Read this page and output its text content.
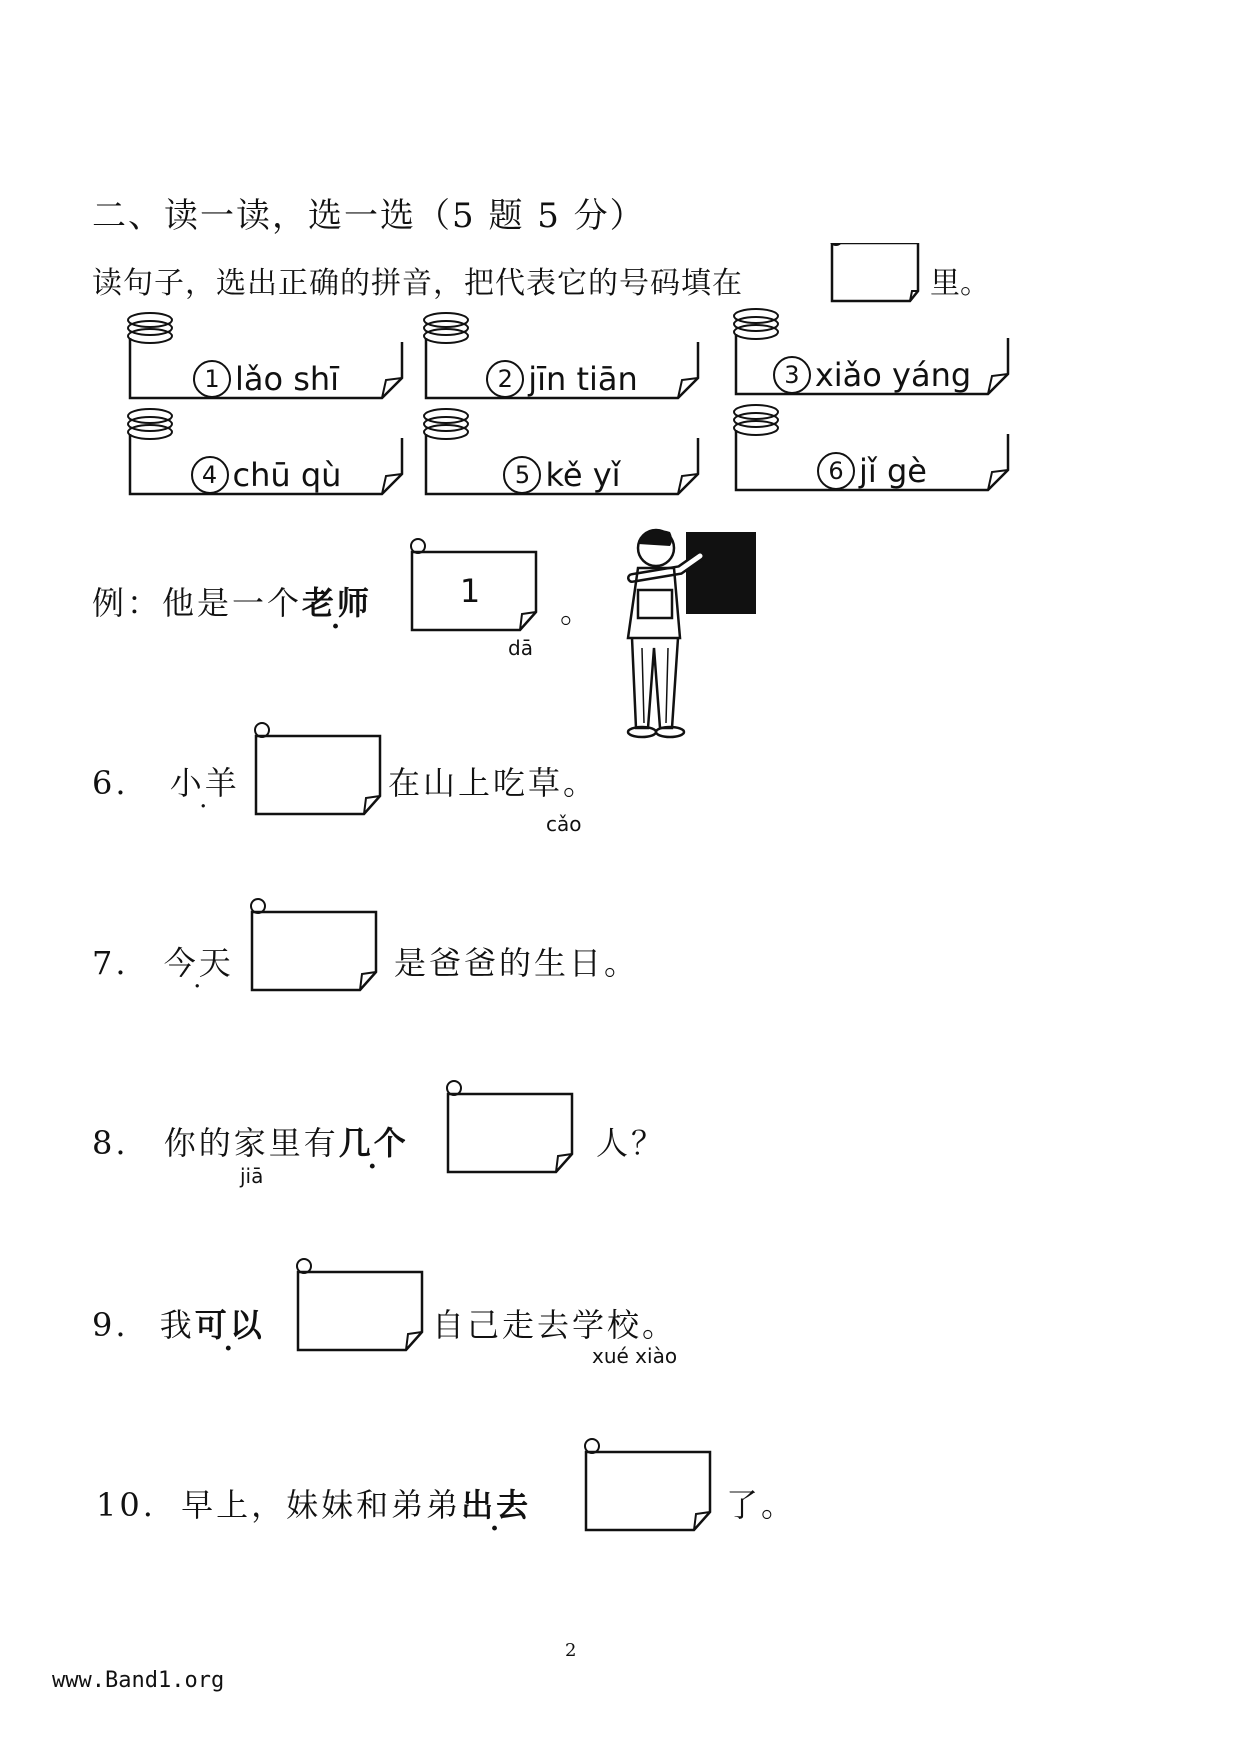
二、读一读，选一选（5 题 5 分）
读句子，选出正确的拼音，把代表它的号码填在	里。
1 lǎo shī	2 jīn tiān	3 xiǎo yáng
4 chū qù	5 kě yǐ	6 jǐ gè
例：他是一个老师	1
。
dā
6. 小羊	在山上吃草。
cǎo
7. 今天	是爸爸的生日。
8. 你的家里有几个
jiā
人？
9. 我可以	自己走去学校。
xué xiào
10. 早上，妹妹和弟弟出去	了。
2
www.Band1.org
